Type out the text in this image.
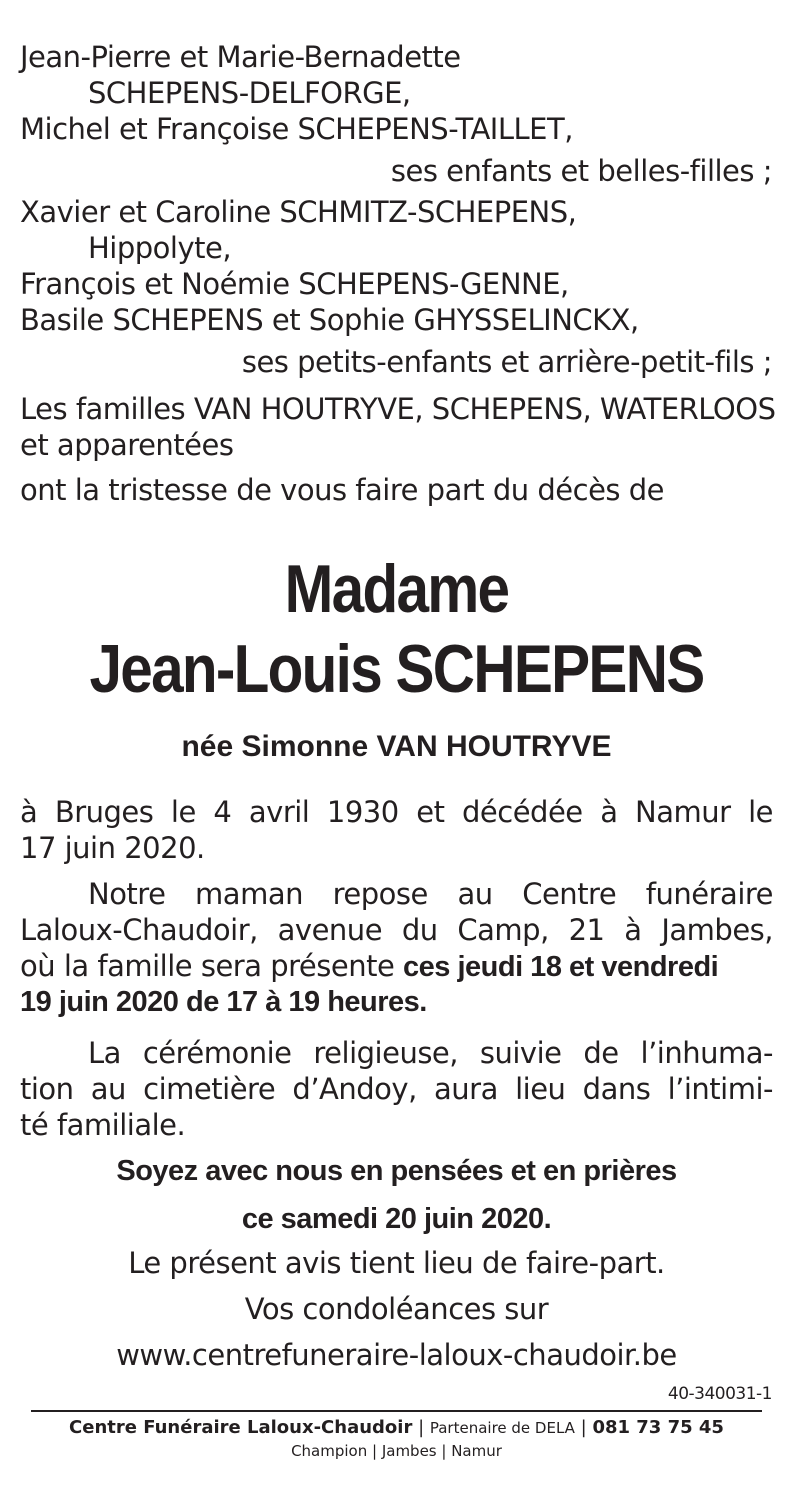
Jean-Pierre et Marie-Bernadette
SCHEPENS-DELFORGE,
Michel et Françoise SCHEPENS-TAILLET,
ses enfants et belles-filles ;
Xavier et Caroline SCHMITZ-SCHEPENS,
Hippolyte,
François et Noémie SCHEPENS-GENNE,
Basile SCHEPENS et Sophie GHYSSELINCKX,
ses petits-enfants et arrière-petit-fils ;
Les familles VAN HOUTRYVE, SCHEPENS, WATERLOOS
et apparentées
ont la tristesse de vous faire part du décès de
Madame
Jean-Louis SCHEPENS
née Simonne VAN HOUTRYVE
à Bruges le 4 avril 1930 et décédée à Namur le
17 juin 2020.
Notre maman repose au Centre funéraire
Laloux-Chaudoir, avenue du Camp, 21 à Jambes,
où la famille sera présente ces jeudi 18 et vendredi
19 juin 2020 de 17 à 19 heures.
La cérémonie religieuse, suivie de l’inhuma-
tion au cimetière d’Andoy, aura lieu dans l’intimi-
té familiale.
Soyez avec nous en pensées et en prières
ce samedi 20 juin 2020.
Le présent avis tient lieu de faire-part.
Vos condoléances sur
www.centrefuneraire-laloux-chaudoir.be
40-340031-1
Centre Funéraire Laloux-Chaudoir | Partenaire de DELA | 081 73 75 45
Champion | Jambes | Namur
